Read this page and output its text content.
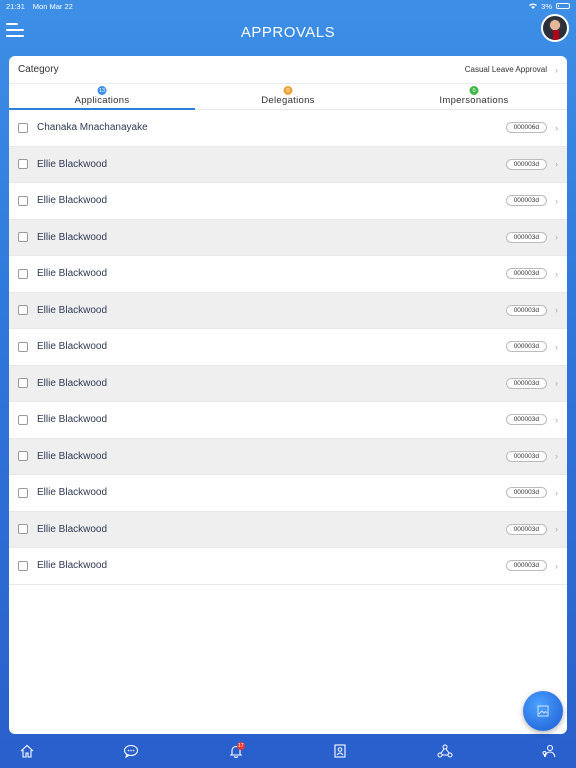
21:31 Mon Mar 22	3%
APPROVALS
Category	Casual Leave Approval ›
13
Applications
0
Delegations
0
Impersonations
Chanaka Mnachanayake	000006d	›
Ellie Blackwood	000003d	›
Ellie Blackwood	000003d	›
Ellie Blackwood	000003d	›
Ellie Blackwood	000003d	›
Ellie Blackwood	000003d	›
Ellie Blackwood	000003d	›
Ellie Blackwood	000003d	›
Ellie Blackwood	000003d	›
Ellie Blackwood	000003d	›
Ellie Blackwood	000003d	›
Ellie Blackwood	000003d	›
Ellie Blackwood	000003d	›
17
